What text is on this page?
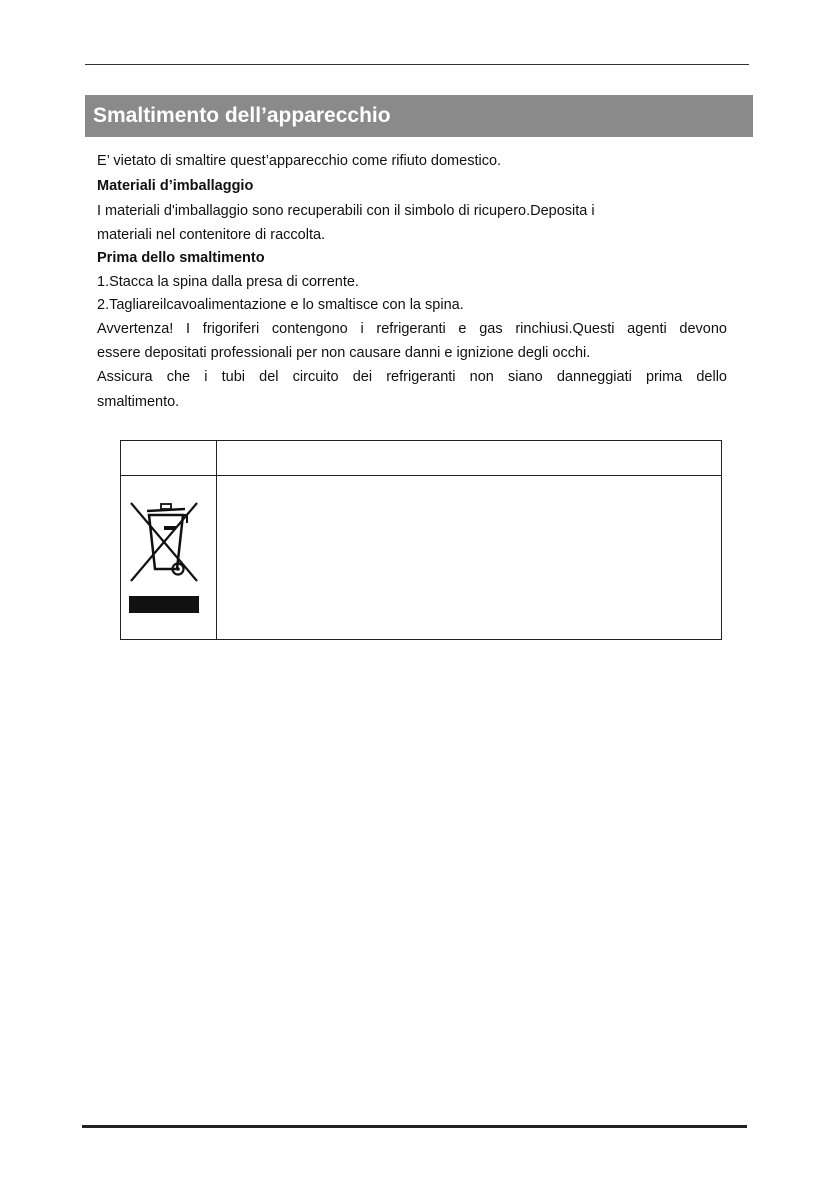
Smaltimento dell’apparecchio
E’ vietato di smaltire quest’apparecchio come rifiuto domestico.
Materiali d’imballaggio
I materiali d'imballaggio sono recuperabili con il simbolo di ricupero.Deposita i
materiali nel contenitore di raccolta.
Prima dello smaltimento
1.Stacca la spina dalla presa di corrente.
2.Tagliareilcavoalimentazione e lo smaltisce con la spina.
Avvertenza! I frigoriferi contengono i refrigeranti e gas rinchiusi.Questi agenti devono
essere depositati professionali per non causare danni e ignizione degli occhi.
Assicura che i tubi del circuito dei refrigeranti non siano danneggiati prima dello
smaltimento.
